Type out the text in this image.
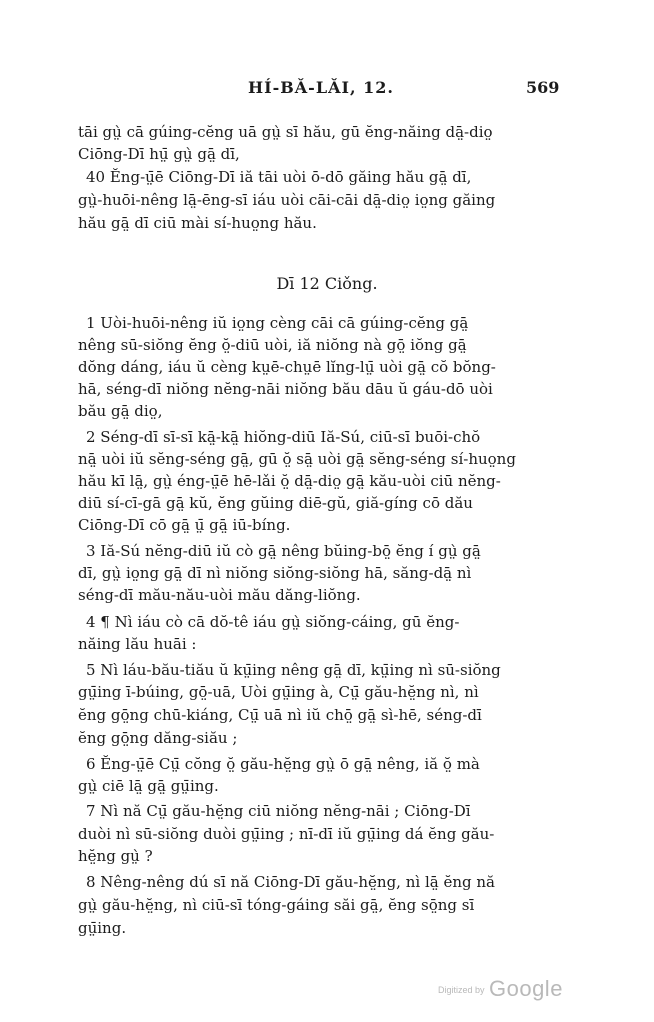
HÍ-BǍ-LǍI, 12.	569
tāi gṳ̀ cā gúing-cĕng uā gṳ̀ sī hău, gū ĕng-năing dā̤-dio̤
Ciōng-Dī hṳ̄ gṳ̀ gā̤ dī,
40 Ĕng-ṳ̄ē Ciōng-Dī iă tāi uòi ō-dō găing hău gā̤ dī,
gṳ̀-huōi-nêng lā̤-ēng-sī iáu uòi cāi-cāi dā̤-dio̤ io̤ng găing
hău gā̤ dī ciū mài sí-huo̤ng hău.
Dī 12 Ciǒng.
1 Uòi-huōi-nêng iŭ io̤ng cèng cāi cā gúing-cĕng gā̤
nêng sū-siŏng ĕng ŏ̤-diū uòi, iă niŏng nà gō̤ iŏng gā̤
dŏng dáng, iáu ŭ cèng kṳē-chṳē lĭng-lṳ̄ uòi gā̤ cŏ bŏng-
hā, séng-dī niŏng nĕng-nāi niŏng bău dāu ŭ gáu-dō uòi
bău gā̤ dio̤,
2 Séng-dī sī-sī kā̤-kā̤ hiŏng-diū Iă-Sú, ciū-sī buōi-chŏ
nā̤ uòi iŭ sĕng-séng gā̤, gū ŏ̤ sā̤ uòi gā̤ sĕng-séng sí-huo̤ng
hău kī lā̤, gṳ̀ éng-ṳ̄ē hē-lǎi ŏ̤ dā̤-dio̤ gā̤ kău-uòi ciū nĕng-
diū sí-cī-gā gā̤ kŭ, ĕng gŭing diē-gŭ, giă-gíng cō dău
Ciōng-Dī cō gā̤ ṳ̄ gā̤ iū-bíng.
3 Iă-Sú nĕng-diū iŭ cò gā̤ nêng bŭing-bō̤ ĕng í gṳ̀ gā̤
dī, gṳ̀ io̤ng gā̤ dī nì niŏng siŏng-siŏng hā, săng-dā̤ nì
séng-dī mău-nău-uòi mău dăng-liŏng.
4 ¶ Nì iáu cò cā dŏ-tê iáu gṳ̀ siŏng-cáing, gū ĕng-
năing lău huāi :
5 Nì láu-bău-tiău ŭ kṳ̄ing nêng gā̤ dī, kṳ̄ing nì sū-siŏng
gṳ̄ing ī-búing, gō̤-uā, Uòi gṳ̄ing à, Cṳ̄ gău-hĕ̤ng nì, nì
ĕng gō̤ng chū-kiáng, Cṳ̄ uā nì iŭ chō̤ gā̤ sì-hē, séng-dī
ĕng gō̤ng dăng-siău ;
6 Ĕng-ṳ̄ē Cṳ̄ cŏng ŏ̤ gău-hĕ̤ng gṳ̀ ō gā̤ nêng, iă ŏ̤ mà
gṳ̀ ciē lā̤ gā̤ gṳ̄ing.
7 Nì nă Cṳ̄ gău-hĕ̤ng ciū niŏng nĕng-nāi ; Ciōng-Dī
duòi nì sū-siŏng duòi gṳ̄ing ; nī-dī iŭ gṳ̄ing dá ĕng gău-
hĕ̤ng gṳ̀ ?
8 Nêng-nêng dú sī nă Ciōng-Dī gău-hĕ̤ng, nì lā̤ ĕng nă
gṳ̀ gău-hĕ̤ng, nì ciū-sī tóng-gáing săi gā̤, ĕng sō̤ng sī
gṳ̄ing.
Digitized by Google
